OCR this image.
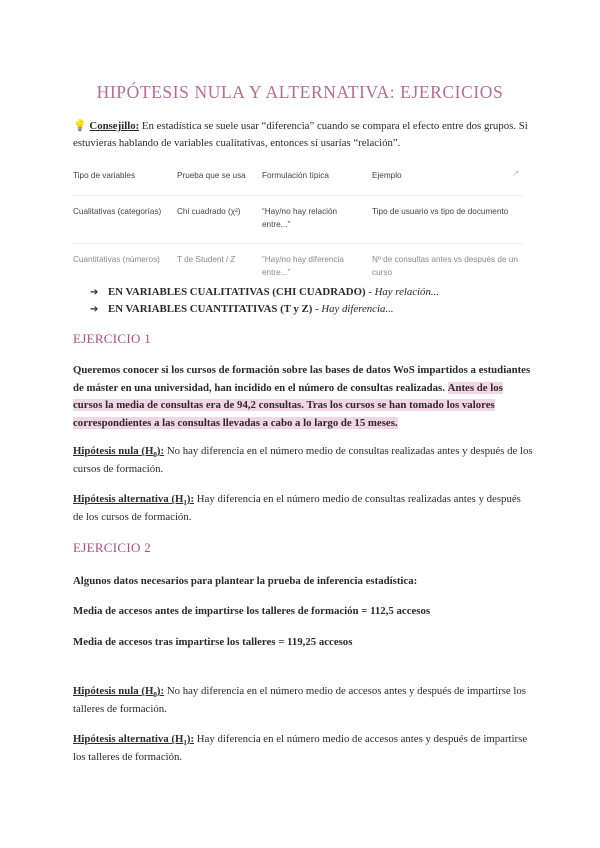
HIPÓTESIS NULA Y ALTERNATIVA: EJERCICIOS
💡 Consejillo: En estadística se suele usar “diferencia” cuando se compara el efecto entre dos grupos. Si estuvieras hablando de variables cualitativas, entonces sí usarías “relación”.
Tipo de variables	Prueba que se usa	Formulación típica	Ejemplo
Cualitativas (categorías)	Chi cuadrado (χ²)	“Hay/no hay relación entre...”	Tipo de usuario vs tipo de documento
Cuantitativas (números)	T de Student / Z	“Hay/no hay diferencia entre...”	Nº de consultas antes vs después de un curso
↗
➔ EN VARIABLES CUALITATIVAS (CHI CUADRADO) - Hay relación...
➔ EN VARIABLES CUANTITATIVAS (T y Z) - Hay diferencia...
EJERCICIO 1
Queremos conocer si los cursos de formación sobre las bases de datos WoS impartidos a estudiantes de máster en una universidad, han incidido en el número de consultas realizadas. Antes de los cursos la media de consultas era de 94,2 consultas. Tras los cursos se han tomado los valores correspondientes a las consultas llevadas a cabo a lo largo de 15 meses.
Hipótesis nula $(H_0)$: No hay diferencia en el número medio de consultas realizadas antes y después de los cursos de formación.
Hipótesis alternativa $(H_1)$: Hay diferencia en el número medio de consultas realizadas antes y después de los cursos de formación.
EJERCICIO 2
Algunos datos necesarios para plantear la prueba de inferencia estadística:
Media de accesos antes de impartirse los talleres de formación = 112,5 accesos
Media de accesos tras impartirse los talleres = 119,25 accesos
Hipótesis nula $(H_0)$: No hay diferencia en el número medio de accesos antes y después de impartirse los talleres de formación.
Hipótesis alternativa $(H_1)$: Hay diferencia en el número medio de accesos antes y después de impartirse los talleres de formación.
